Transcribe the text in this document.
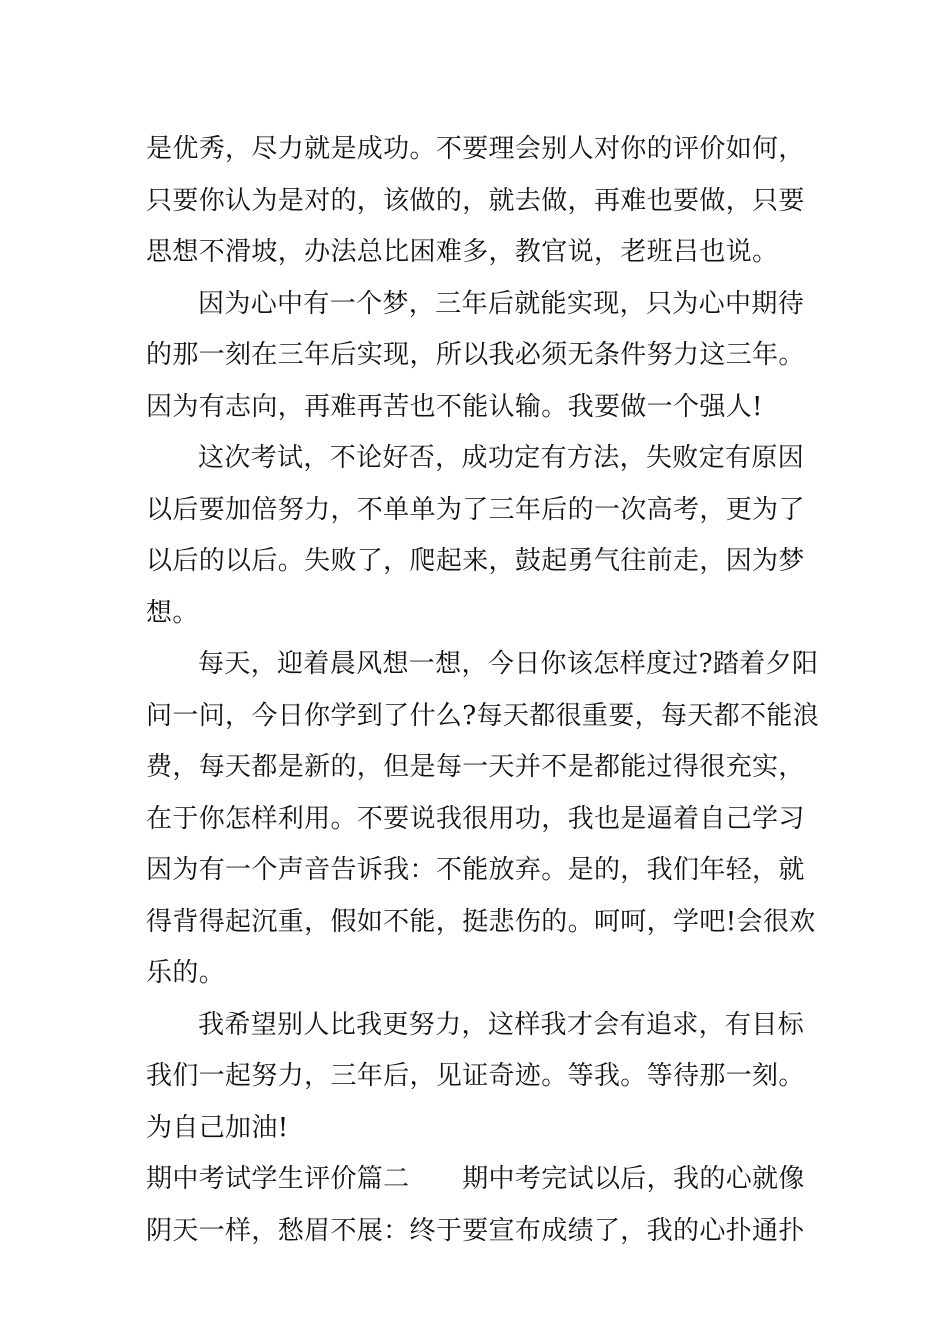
是优秀，尽力就是成功。不要理会别人对你的评价如何，
只要你认为是对的，该做的，就去做，再难也要做，只要
思想不滑坡，办法总比困难多，教官说，老班吕也说。
因为心中有一个梦，三年后就能实现，只为心中期待
的那一刻在三年后实现，所以我必须无条件努力这三年。
因为有志向，再难再苦也不能认输。我要做一个强人!
这次考试，不论好否，成功定有方法，失败定有原因
以后要加倍努力，不单单为了三年后的一次高考，更为了
以后的以后。失败了，爬起来，鼓起勇气往前走，因为梦
想。
每天，迎着晨风想一想，今日你该怎样度过?踏着夕阳
问一问，今日你学到了什么?每天都很重要，每天都不能浪
费，每天都是新的，但是每一天并不是都能过得很充实，
在于你怎样利用。不要说我很用功，我也是逼着自己学习
因为有一个声音告诉我：不能放弃。是的，我们年轻，就
得背得起沉重，假如不能，挺悲伤的。呵呵，学吧!会很欢
乐的。
我希望别人比我更努力，这样我才会有追求，有目标
我们一起努力，三年后，见证奇迹。等我。等待那一刻。
为自己加油!
期中考试学生评价篇二　　期中考完试以后，我的心就像
阴天一样，愁眉不展：终于要宣布成绩了，我的心扑通扑
